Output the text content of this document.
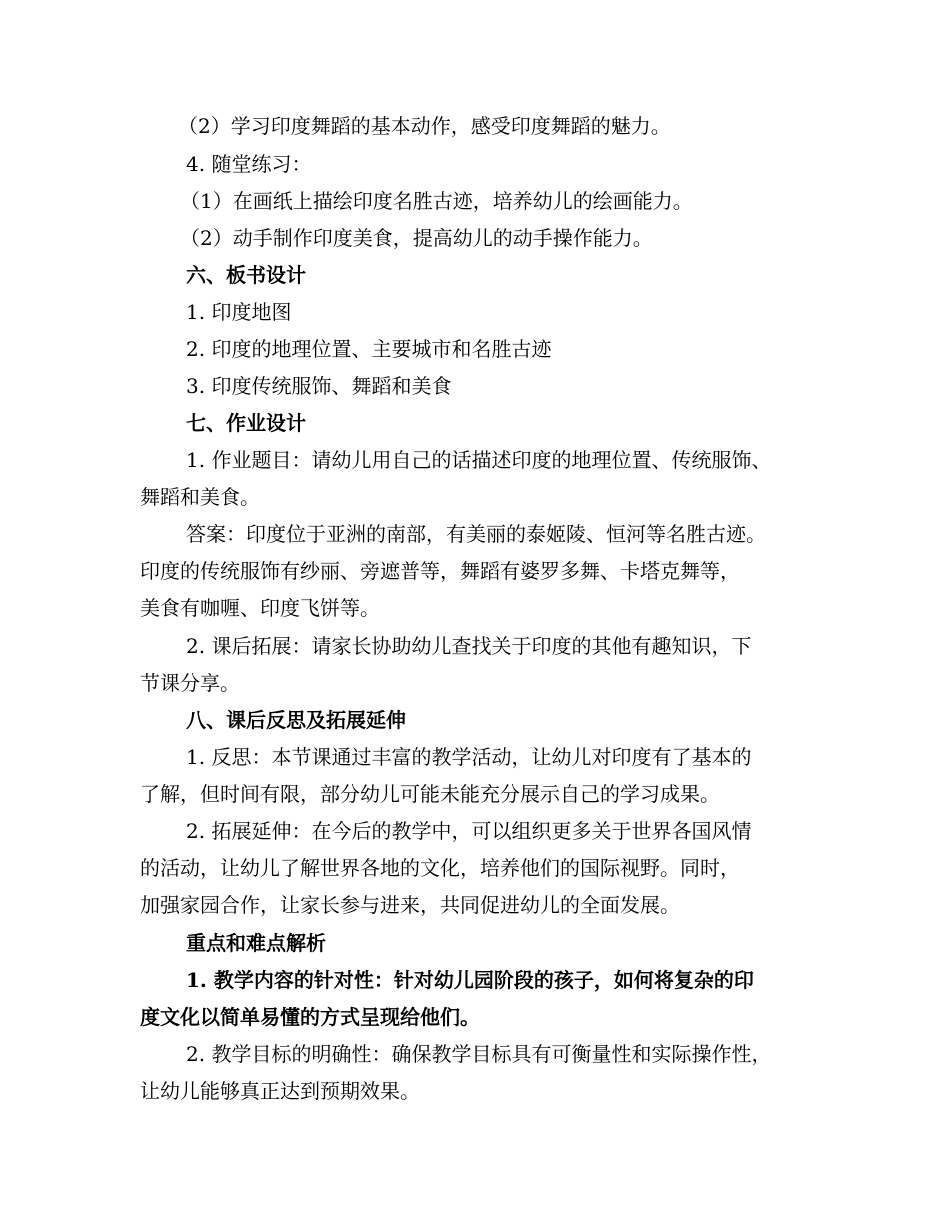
（2）学习印度舞蹈的基本动作，感受印度舞蹈的魅力。
4. 随堂练习：
（1）在画纸上描绘印度名胜古迹，培养幼儿的绘画能力。
（2）动手制作印度美食，提高幼儿的动手操作能力。
六、板书设计
1. 印度地图
2. 印度的地理位置、主要城市和名胜古迹
3. 印度传统服饰、舞蹈和美食
七、作业设计
1. 作业题目：请幼儿用自己的话描述印度的地理位置、传统服饰、
舞蹈和美食。
答案：印度位于亚洲的南部，有美丽的泰姬陵、恒河等名胜古迹。
印度的传统服饰有纱丽、旁遮普等，舞蹈有婆罗多舞、卡塔克舞等，
美食有咖喱、印度飞饼等。
2. 课后拓展：请家长协助幼儿查找关于印度的其他有趣知识，下
节课分享。
八、课后反思及拓展延伸
1. 反思：本节课通过丰富的教学活动，让幼儿对印度有了基本的
了解，但时间有限，部分幼儿可能未能充分展示自己的学习成果。
2. 拓展延伸：在今后的教学中，可以组织更多关于世界各国风情
的活动，让幼儿了解世界各地的文化，培养他们的国际视野。同时，
加强家园合作，让家长参与进来，共同促进幼儿的全面发展。
重点和难点解析
1. 教学内容的针对性：针对幼儿园阶段的孩子，如何将复杂的印
度文化以简单易懂的方式呈现给他们。
2. 教学目标的明确性：确保教学目标具有可衡量性和实际操作性，
让幼儿能够真正达到预期效果。
